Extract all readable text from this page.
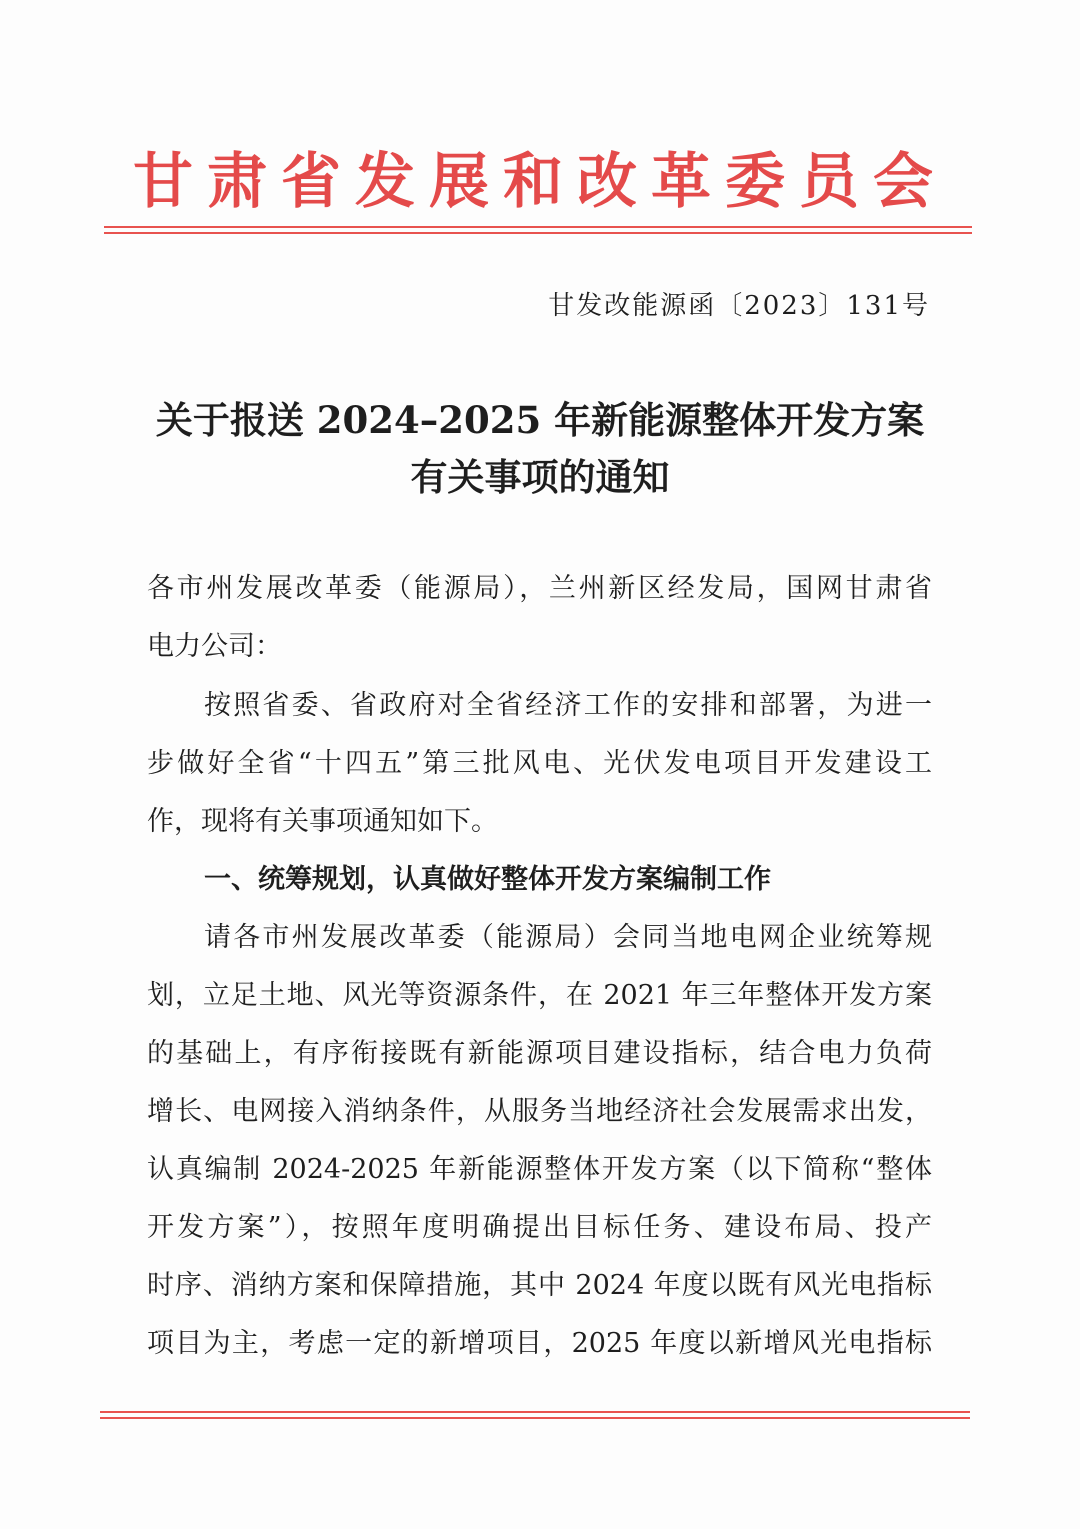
甘肃省发展和改革委员会
甘发改能源函〔2023〕131号
关于报送 2024–2025 年新能源整体开发方案
有关事项的通知
各市州发展改革委（能源局），兰州新区经发局，国网甘肃省
电力公司：
按照省委、省政府对全省经济工作的安排和部署，为进一
步做好全省“十四五”第三批风电、光伏发电项目开发建设工
作，现将有关事项通知如下。
一、统筹规划，认真做好整体开发方案编制工作
请各市州发展改革委（能源局）会同当地电网企业统筹规
划，立足土地、风光等资源条件，在 2021 年三年整体开发方案
的基础上，有序衔接既有新能源项目建设指标，结合电力负荷
增长、电网接入消纳条件，从服务当地经济社会发展需求出发，
认真编制 2024-2025 年新能源整体开发方案（以下简称“整体
开发方案”），按照年度明确提出目标任务、建设布局、投产
时序、消纳方案和保障措施，其中 2024 年度以既有风光电指标
项目为主，考虑一定的新增项目，2025 年度以新增风光电指标
